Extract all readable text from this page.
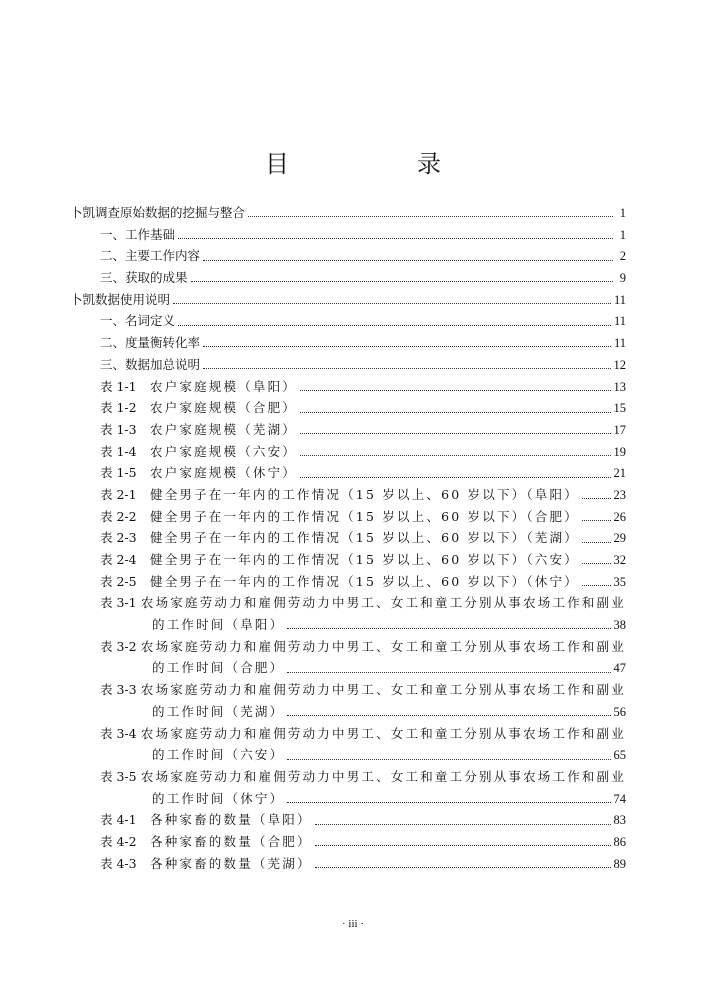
目　录
卜凯调查原始数据的挖掘与整合	1
一、工作基础	1
二、主要工作内容	2
三、获取的成果	9
卜凯数据使用说明	11
一、名词定义	11
二、度量衡转化率	11
三、数据加总说明	12
表 1-1	农户家庭规模（阜阳）	13
表 1-2	农户家庭规模（合肥）	15
表 1-3	农户家庭规模（芜湖）	17
表 1-4	农户家庭规模（六安）	19
表 1-5	农户家庭规模（休宁）	21
表 2-1	健全男子在一年内的工作情况（15 岁以上、60 岁以下）（阜阳）	23
表 2-2	健全男子在一年内的工作情况（15 岁以上、60 岁以下）（合肥）	26
表 2-3	健全男子在一年内的工作情况（15 岁以上、60 岁以下）（芜湖）	29
表 2-4	健全男子在一年内的工作情况（15 岁以上、60 岁以下）（六安）	32
表 2-5	健全男子在一年内的工作情况（15 岁以上、60 岁以下）（休宁）	35
表 3-1 农场家庭劳动力和雇佣劳动力中男工、女工和童工分别从事农场工作和副业
的工作时间（阜阳）	38
表 3-2 农场家庭劳动力和雇佣劳动力中男工、女工和童工分别从事农场工作和副业
的工作时间（合肥）	47
表 3-3 农场家庭劳动力和雇佣劳动力中男工、女工和童工分别从事农场工作和副业
的工作时间（芜湖）	56
表 3-4 农场家庭劳动力和雇佣劳动力中男工、女工和童工分别从事农场工作和副业
的工作时间（六安）	65
表 3-5 农场家庭劳动力和雇佣劳动力中男工、女工和童工分别从事农场工作和副业
的工作时间（休宁）	74
表 4-1	各种家畜的数量（阜阳）	83
表 4-2	各种家畜的数量（合肥）	86
表 4-3	各种家畜的数量（芜湖）	89
· iii ·
